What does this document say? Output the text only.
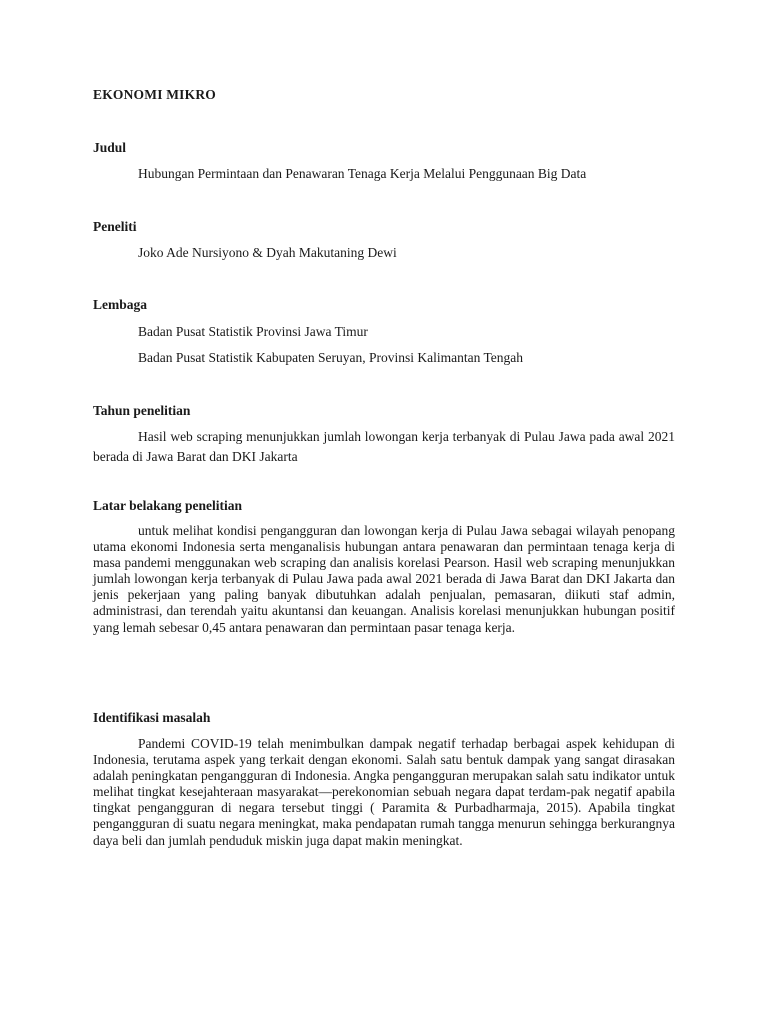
EKONOMI MIKRO
Judul
Hubungan Permintaan dan Penawaran Tenaga Kerja Melalui Penggunaan Big Data
Peneliti
Joko Ade Nursiyono & Dyah Makutaning Dewi
Lembaga
Badan Pusat Statistik Provinsi Jawa Timur
Badan Pusat Statistik Kabupaten Seruyan, Provinsi Kalimantan Tengah
Tahun penelitian
Hasil web scraping menunjukkan jumlah lowongan kerja terbanyak di Pulau Jawa pada awal 2021 berada di Jawa Barat dan DKI Jakarta
Latar belakang penelitian
untuk melihat kondisi pengangguran dan lowongan kerja di Pulau Jawa sebagai wilayah penopang utama ekonomi Indonesia serta menganalisis hubungan antara penawaran dan permintaan tenaga kerja di masa pandemi menggunakan web scraping dan analisis korelasi Pearson. Hasil web scraping menunjukkan jumlah lowongan kerja terbanyak di Pulau Jawa pada awal 2021 berada di Jawa Barat dan DKI Jakarta dan jenis pekerjaan yang paling banyak dibutuhkan adalah penjualan, pemasaran, diikuti staf admin, administrasi, dan terendah yaitu akuntansi dan keuangan. Analisis korelasi menunjukkan hubungan positif yang lemah sebesar 0,45 antara penawaran dan permintaan pasar tenaga kerja.
Identifikasi masalah
Pandemi COVID-19 telah menimbulkan dampak negatif terhadap berbagai aspek kehidupan di Indonesia, terutama aspek yang terkait dengan ekonomi. Salah satu bentuk dampak yang sangat dirasakan adalah peningkatan pengangguran di Indonesia. Angka pengangguran merupakan salah satu indikator untuk melihat tingkat kesejahteraan masyarakat—perekonomian sebuah negara dapat terdam-pak negatif apabila tingkat pengangguran di negara tersebut tinggi ( Paramita & Purbadharmaja, 2015). Apabila tingkat pengangguran di suatu negara meningkat, maka pendapatan rumah tangga menurun sehingga berkurangnya daya beli dan jumlah penduduk miskin juga dapat makin meningkat.
